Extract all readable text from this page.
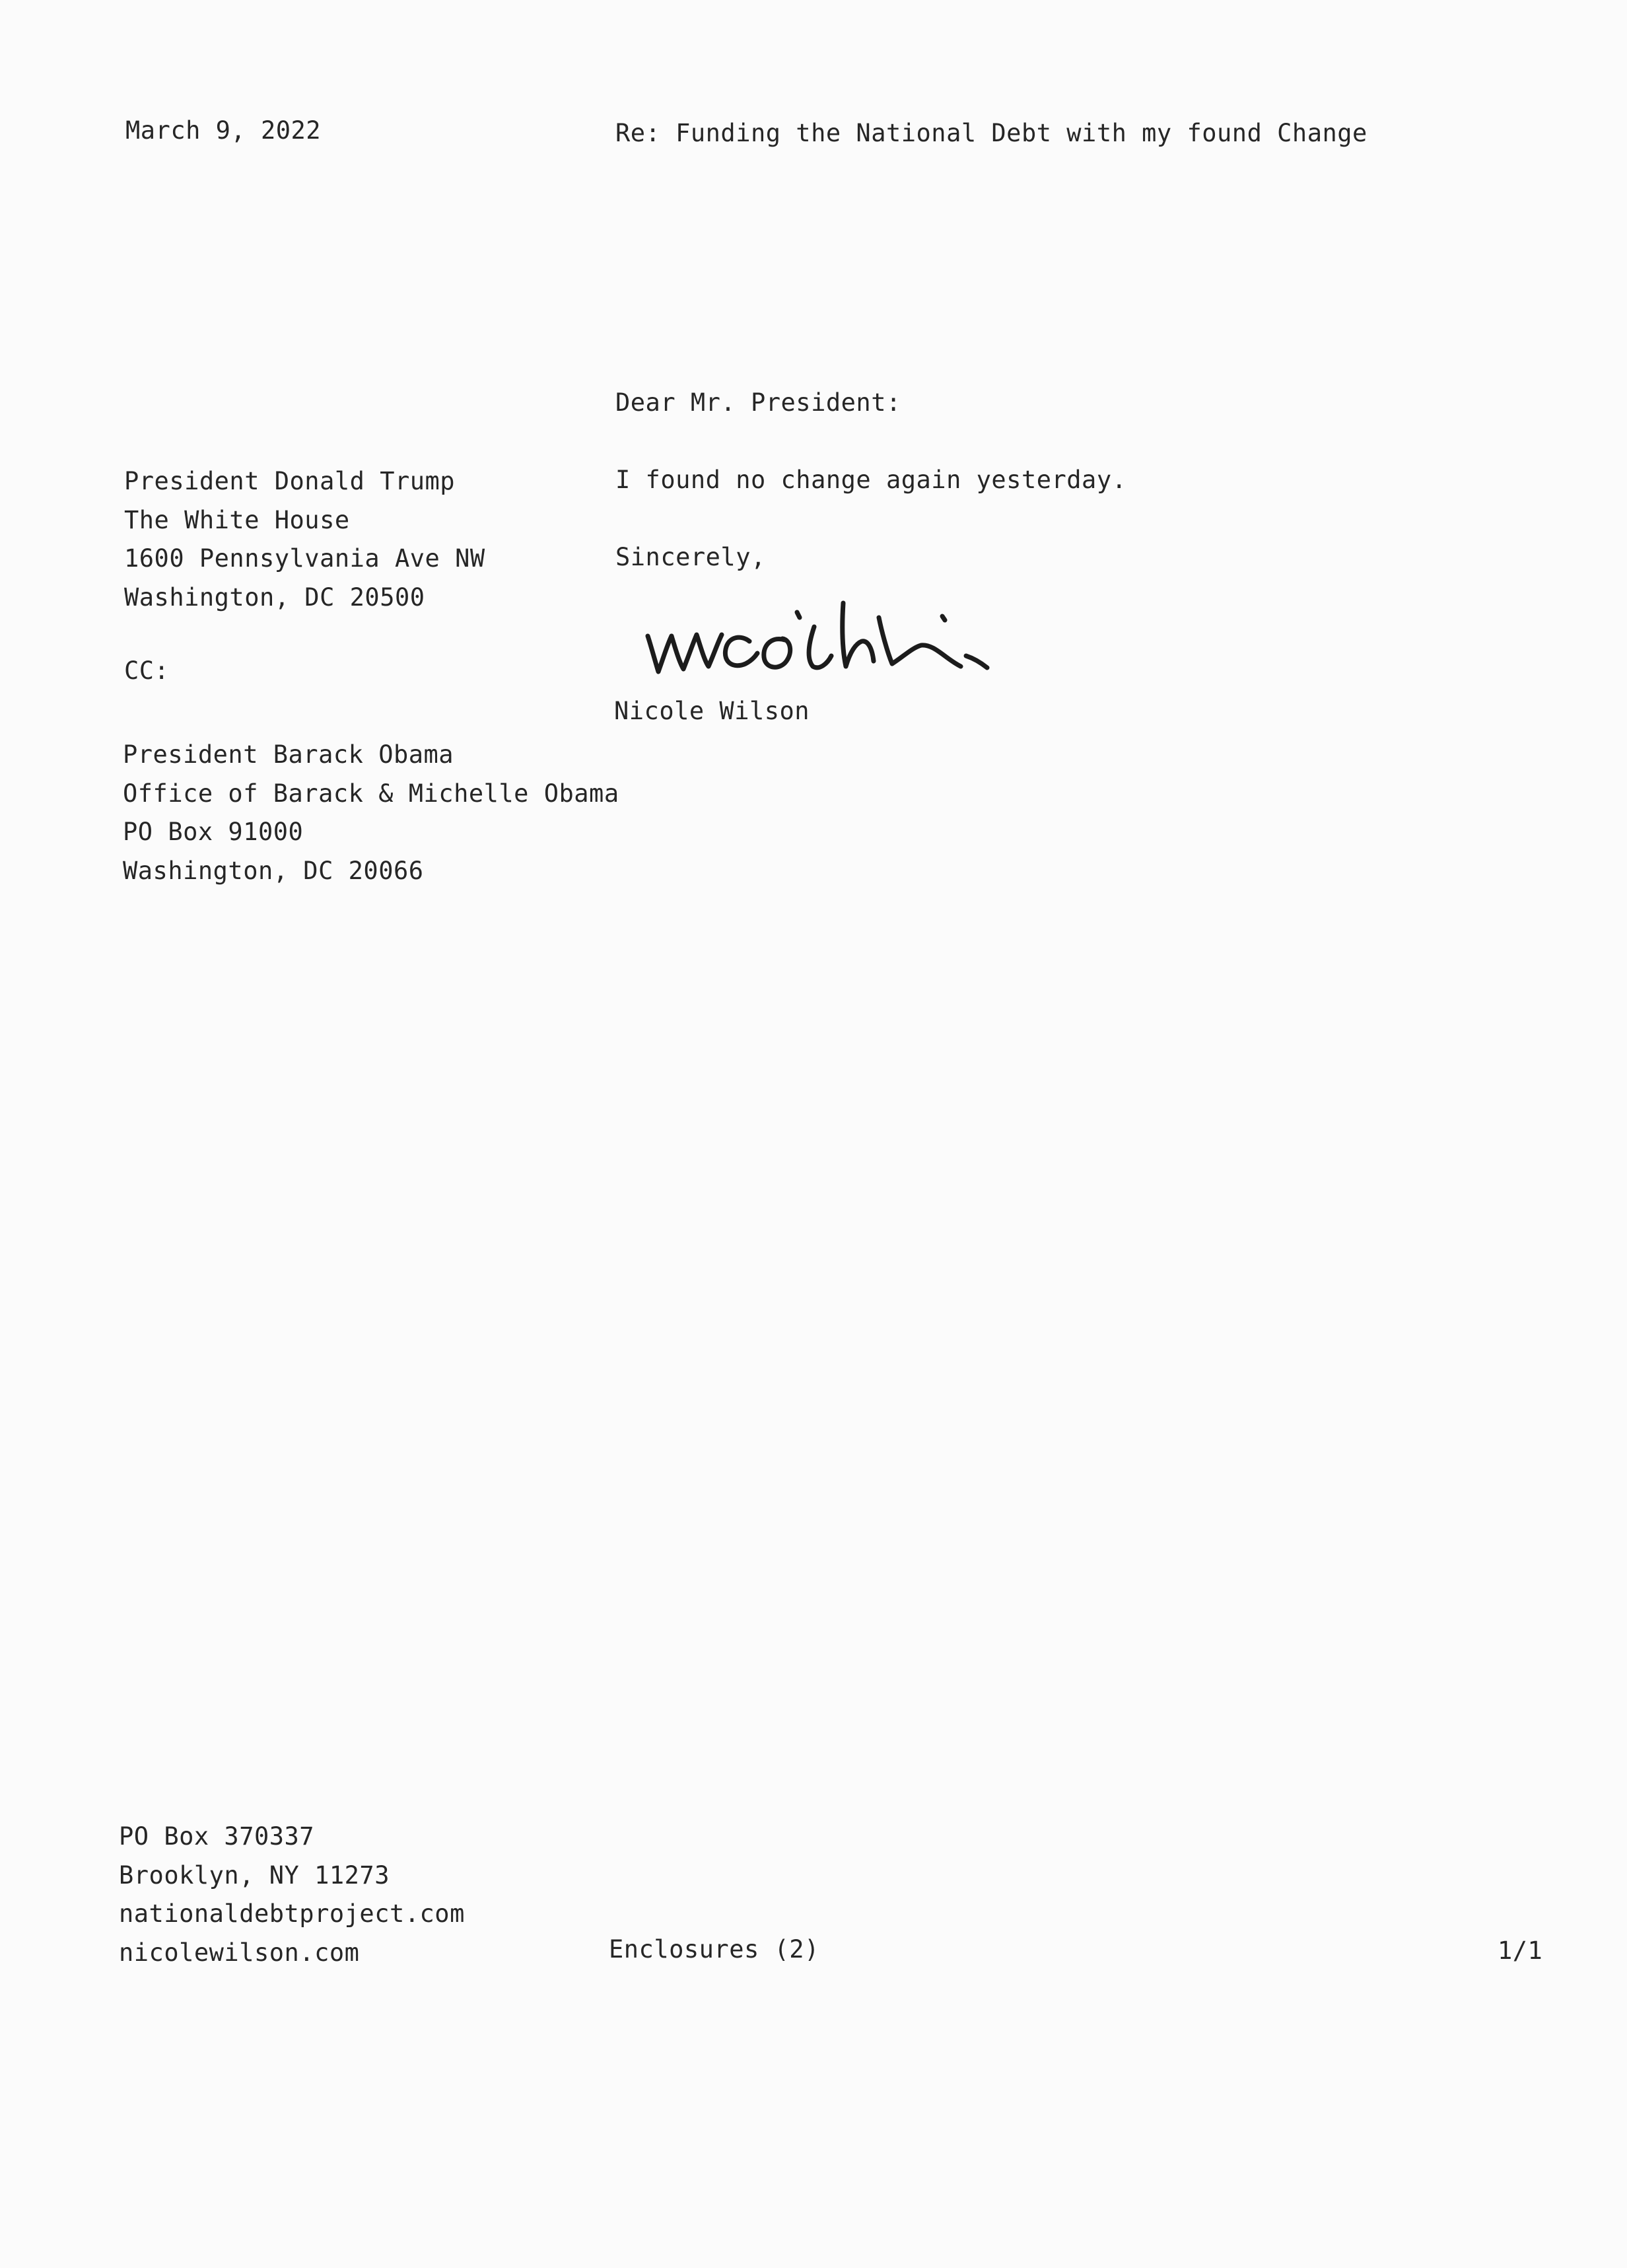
March 9, 2022	Re: Funding the National Debt with my found Change
Dear Mr. President:
President Donald Trump
The White House
1600 Pennsylvania Ave NW
Washington, DC 20500
CC:
President Barack Obama
Office of Barack & Michelle Obama
PO Box 91000
Washington, DC 20066
I found no change again yesterday.
Sincerely,
Nicole Wilson
PO Box 370337
Brooklyn, NY 11273
nationaldebtproject.com
nicolewilson.com	Enclosures (2)	1/1
